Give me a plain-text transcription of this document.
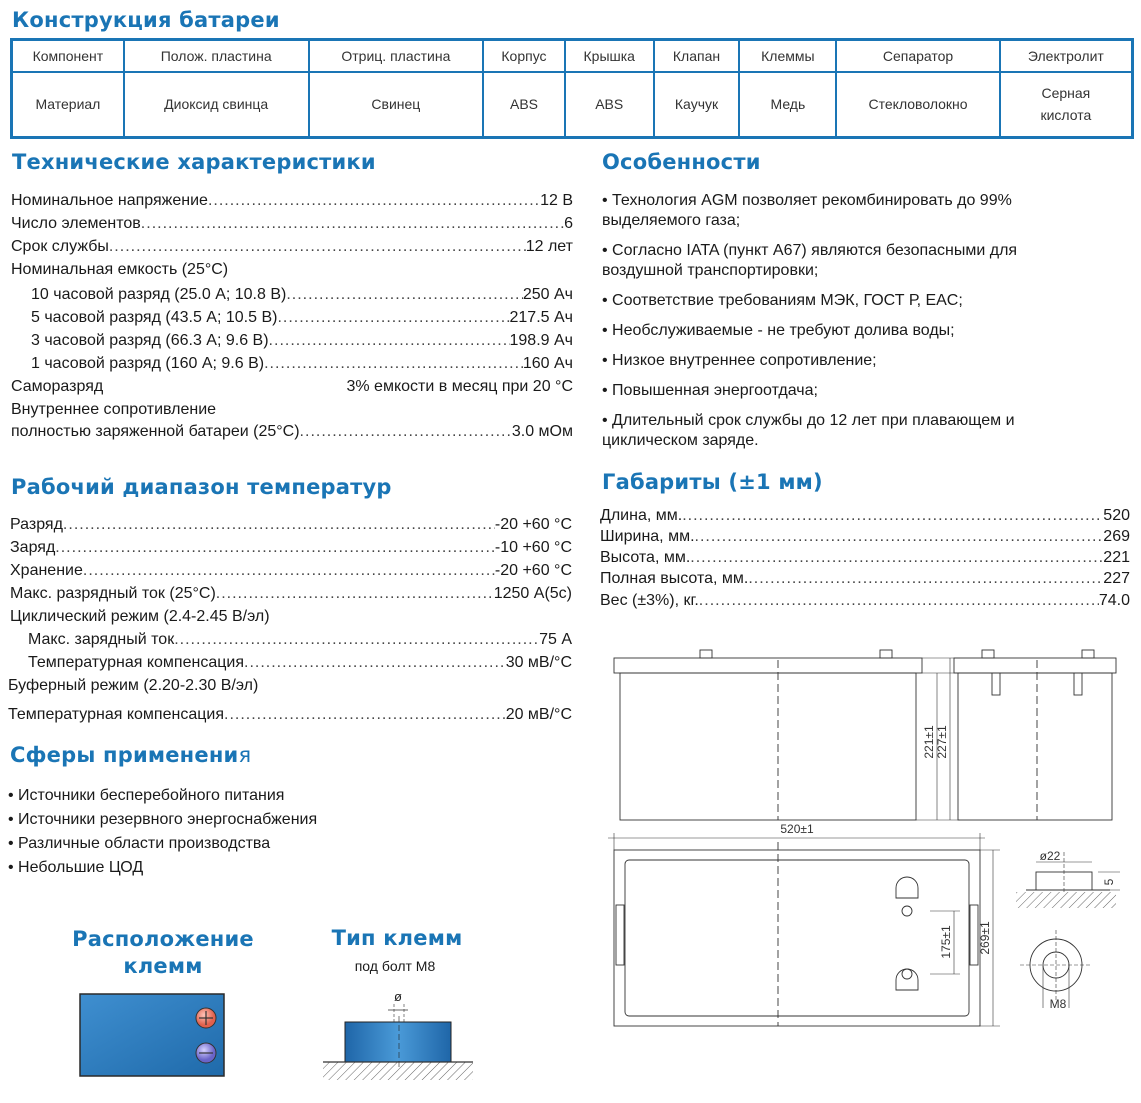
Конструкция батареи
Компонент	Полож. пластина	Отриц. пластина	Корпус	Крышка	Клапан	Клеммы	Сепаратор	Электролит
Материал	Диоксид свинца	Свинец	ABS	ABS	Каучук	Медь	Стекловолокно	Серная
кислота
Технические характеристики
Номинальное напряжение .....	12 В
Число элементов .....	6
Срок службы .....	12 лет
Номинальная емкость (25°C)
10 часовой разряд (25.0 А; 10.8 В) .....	250 Ач
5 часовой разряд (43.5 А; 10.5 В) .....	217.5 Ач
3 часовой разряд (66.3 А; 9.6 В) .....	198.9 Ач
1 часовой разряд (160 А; 9.6 В) .....	160 Ач
Саморазряд	3% емкости в месяц при 20 °C
Внутреннее сопротивление
полностью заряженной батареи (25°C) .....	3.0 мОм
Рабочий диапазон температур
Разряд .....	-20 +60 °C
Заряд .....	-10 +60 °C
Хранение .....	-20 +60 °C
Макс. разрядный ток (25°C) .....	1250 А(5с)
Циклический режим (2.4-2.45 В/эл)
Макс. зарядный ток .....	75 А
Температурная компенсация .....	30 мВ/°C
Буферный режим (2.20-2.30 В/эл)
Температурная компенсация .....	20 мВ/°C
Сферы применения
• Источники бесперебойного питания
• Источники резервного энергоснабжения
• Различные области производства
• Небольшие ЦОД
Расположение
клемм
Тип клемм
под болт М8
ø
Особенности
• Технология AGM позволяет рекомбинировать до 99%
выделяемого газа;
• Согласно IATA (пункт А67) являются безопасными для
воздушной транспортировки;
• Соответствие требованиям МЭК, ГОСТ Р, EAC;
• Необслуживаемые - не требуют долива воды;
• Низкое внутреннее сопротивление;
• Повышенная энергоотдача;
• Длительный срок службы до 12 лет при плавающем и
циклическом заряде.
Габариты (±1 мм)
Длина, мм. .....	520
Ширина, мм. .....	269
Высота, мм. .....	221
Полная высота, мм. .....	227
Вес (±3%), кг. .....	74.0
221±1 227±1
520±1
175±1 269±1
ø22
5
M8
